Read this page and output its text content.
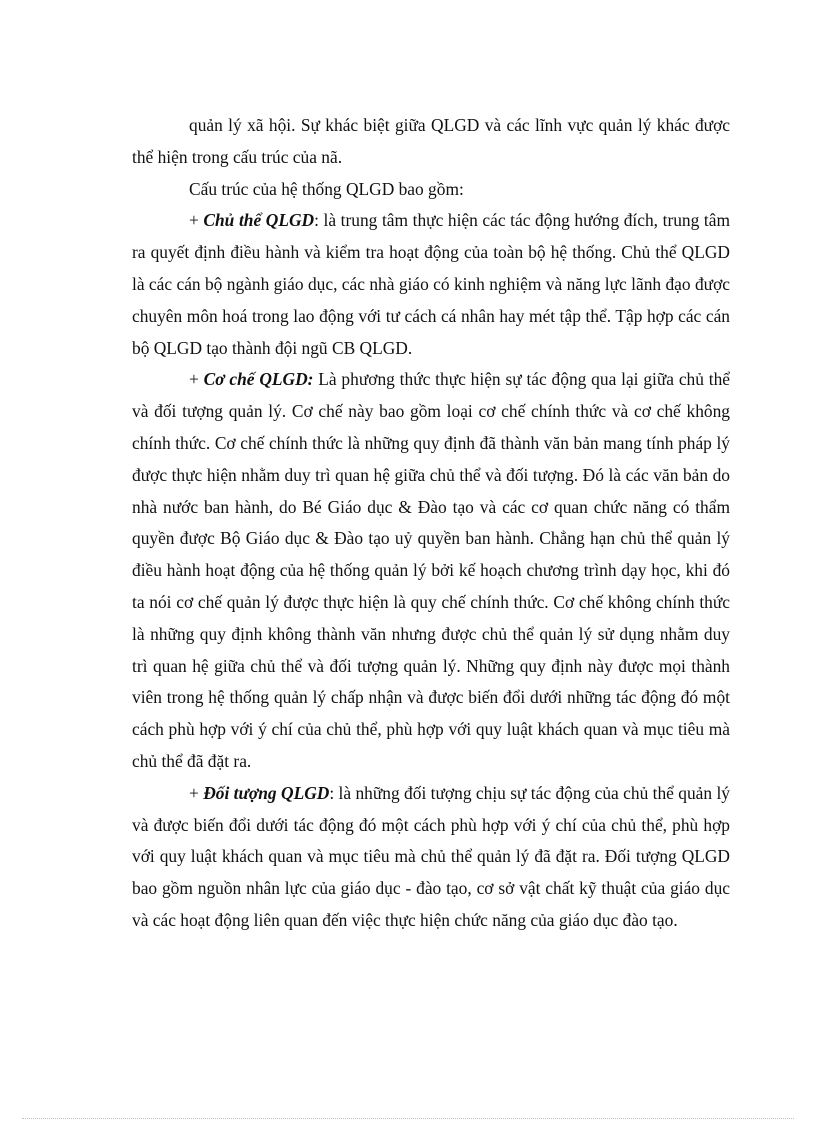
quản lý xã hội. Sự khác biệt giữa QLGD và các lĩnh vực quản lý khác được thể hiện trong cấu trúc của nã.

Cấu trúc của hệ thống QLGD bao gồm:

+ Chủ thể QLGD: là trung tâm thực hiện các tác động hướng đích, trung tâm ra quyết định điều hành và kiểm tra hoạt động của toàn bộ hệ thống. Chủ thể QLGD là các cán bộ ngành giáo dục, các nhà giáo có kinh nghiệm và năng lực lãnh đạo được chuyên môn hoá trong lao động với tư cách cá nhân hay mét tập thể. Tập hợp các cán bộ QLGD tạo thành đội ngũ CB QLGD.

+ Cơ chế QLGD: Là phương thức thực hiện sự tác động qua lại giữa chủ thể và đối tượng quản lý. Cơ chế này bao gồm loại cơ chế chính thức và cơ chế không chính thức. Cơ chế chính thức là những quy định đã thành văn bản mang tính pháp lý được thực hiện nhằm duy trì quan hệ giữa chủ thể và đối tượng. Đó là các văn bản do nhà nước ban hành, do Bé Giáo dục & Đào tạo và các cơ quan chức năng có thẩm quyền được Bộ Giáo dục & Đào tạo uỷ quyền ban hành. Chẳng hạn chủ thể quản lý điều hành hoạt động của hệ thống quản lý bởi kế hoạch chương trình dạy học, khi đó ta nói cơ chế quản lý được thực hiện là quy chế chính thức. Cơ chế không chính thức là những quy định không thành văn nhưng được chủ thể quản lý sử dụng nhằm duy trì quan hệ giữa chủ thể và đối tượng quản lý. Những quy định này được mọi thành viên trong hệ thống quản lý chấp nhận và được biến đổi dưới những tác động đó một cách phù hợp với ý chí của chủ thể, phù hợp với quy luật khách quan và mục tiêu mà chủ thể đã đặt ra.

+ Đối tượng QLGD: là những đối tượng chịu sự tác động của chủ thể quản lý và được biến đổi dưới tác động đó một cách phù hợp với ý chí của chủ thể, phù hợp với quy luật khách quan và mục tiêu mà chủ thể quản lý đã đặt ra. Đối tượng QLGD bao gồm nguồn nhân lực của giáo dục - đào tạo, cơ sở vật chất kỹ thuật của giáo dục và các hoạt động liên quan đến việc thực hiện chức năng của giáo dục đào tạo.
